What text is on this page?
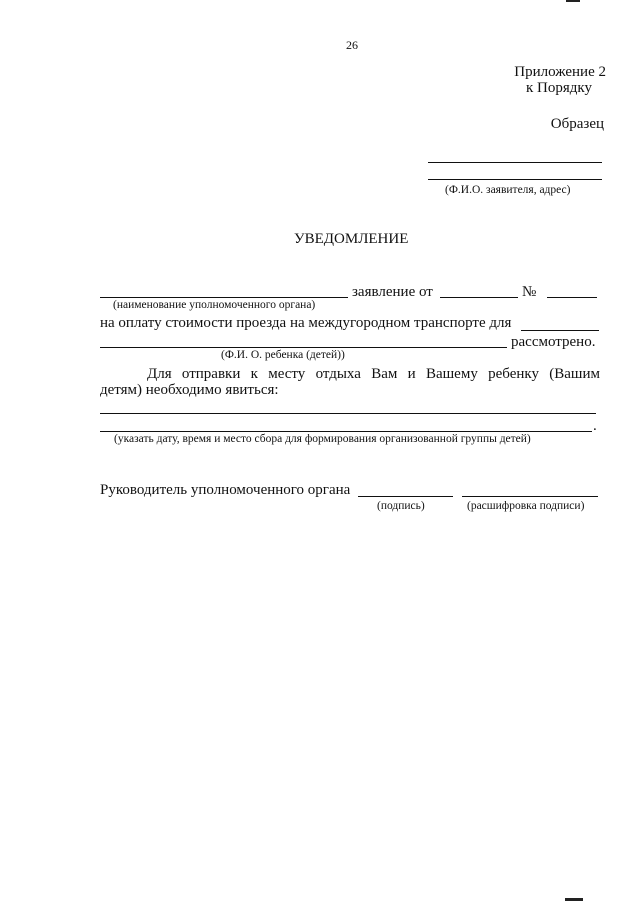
26
Приложение 2
к Порядку
Образец
(Ф.И.О. заявителя, адрес)
УВЕДОМЛЕНИЕ
заявление от	№
(наименование уполномоченного органа)
на оплату стоимости проезда на междугородном транспорте для
рассмотрено.
(Ф.И. О. ребенка (детей))
Для отправки к месту отдыха Вам и Вашему ребенку (Вашим
детям) необходимо явиться:
.
(указать дату, время и место сбора для формирования организованной группы детей)
Руководитель уполномоченного органа
(подпись)	(расшифровка подписи)
